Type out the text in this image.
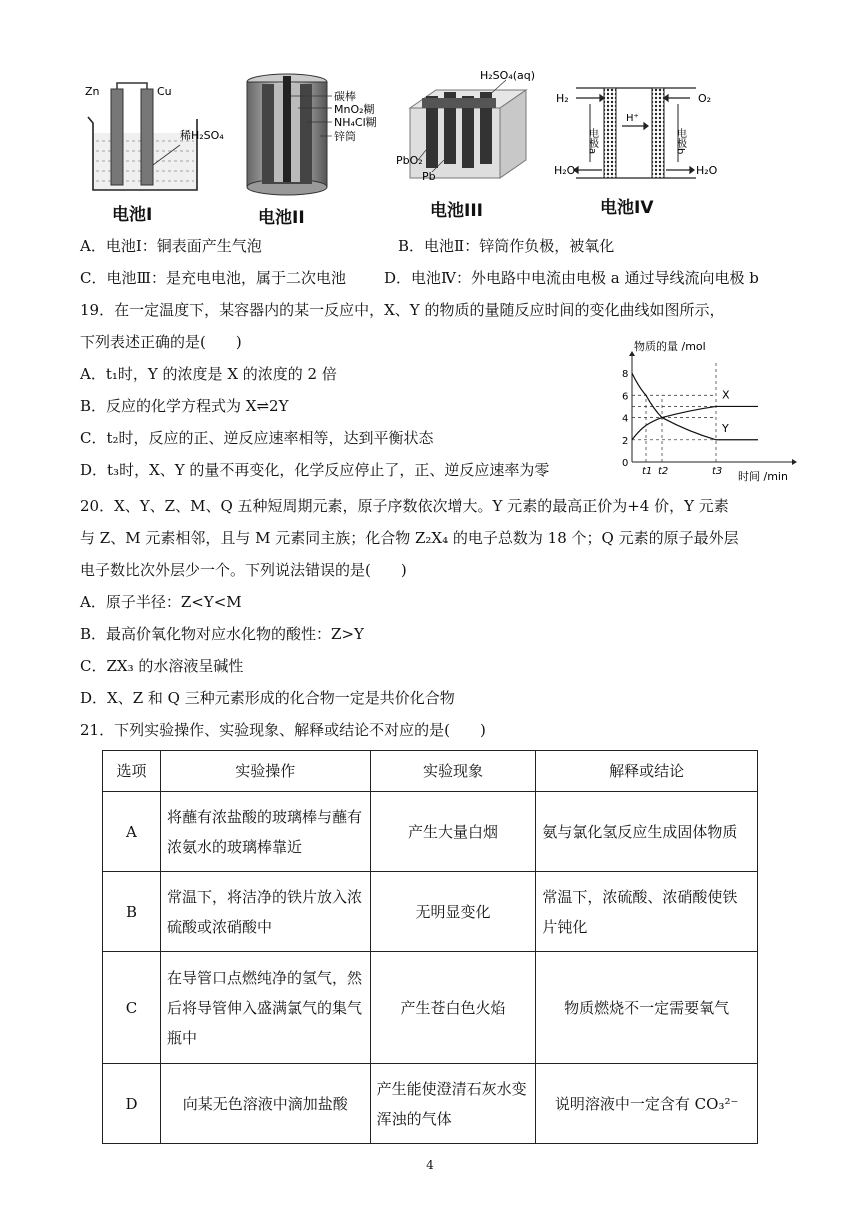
Zn	Cu
稀H₂SO₄
电池I
碳棒
MnO₂糊
NH₄Cl糊
锌筒
电池II
H₂SO₄(aq)
PbO₂
Pb
电池III
H₂	O₂
H⁺
H₂O	H₂O
电极a	电极b
电池IV
A．电池Ⅰ：铜表面产生气泡	B．电池Ⅱ：锌筒作负极，被氧化
C．电池Ⅲ：是充电电池，属于二次电池	D．电池Ⅳ：外电路中电流由电极 a 通过导线流向电极 b
19．在一定温度下，某容器内的某一反应中，X、Y 的物质的量随反应时间的变化曲线如图所示，
下列表述正确的是(　　)
A．t₁时，Y 的浓度是 X 的浓度的 2 倍
B．反应的化学方程式为 X⇌2Y
C．t₂时，反应的正、逆反应速率相等，达到平衡状态
D．t₃时，X、Y 的量不再变化，化学反应停止了，正、逆反应速率为零
物质的量 /mol
时间 /min
0
2
4
6
8
t1 t2	t3
X
Y
20．X、Y、Z、M、Q 五种短周期元素，原子序数依次增大。Y 元素的最高正价为+4 价，Y 元素
与 Z、M 元素相邻，且与 M 元素同主族；化合物 Z₂X₄ 的电子总数为 18 个；Q 元素的原子最外层
电子数比次外层少一个。下列说法错误的是(　　)
A．原子半径：Z<Y<M
B．最高价氧化物对应水化物的酸性：Z>Y
C．ZX₃ 的水溶液呈碱性
D．X、Z 和 Q 三种元素形成的化合物一定是共价化合物
21．下列实验操作、实验现象、解释或结论不对应的是(　　)
选项	实验操作	实验现象	解释或结论
A	将蘸有浓盐酸的玻璃棒与蘸有浓氨水的玻璃棒靠近	产生大量白烟	氨与氯化氢反应生成固体物质
B	常温下，将洁净的铁片放入浓硫酸或浓硝酸中	无明显变化	常温下，浓硫酸、浓硝酸使铁片钝化
C	在导管口点燃纯净的氢气，然后将导管伸入盛满氯气的集气瓶中	产生苍白色火焰	物质燃烧不一定需要氧气
D	向某无色溶液中滴加盐酸	产生能使澄清石灰水变浑浊的气体	说明溶液中一定含有 CO₃²⁻
4
